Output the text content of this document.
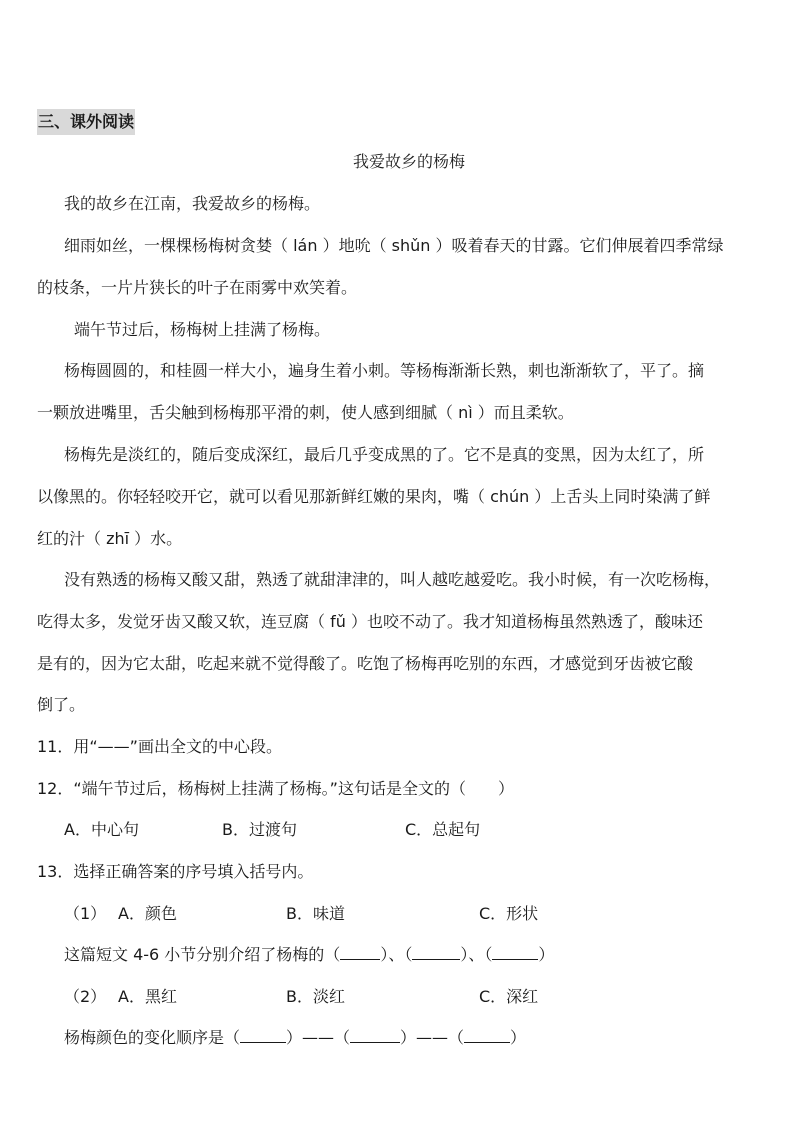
三、课外阅读
我爱故乡的杨梅
我的故乡在江南，我爱故乡的杨梅。
细雨如丝，一棵棵杨梅树贪婪（ lán ）地吮（ shǔn ）吸着春天的甘露。它们伸展着四季常绿
的枝条，一片片狭长的叶子在雨雾中欢笑着。
端午节过后，杨梅树上挂满了杨梅。
杨梅圆圆的，和桂圆一样大小，遍身生着小刺。等杨梅渐渐长熟，刺也渐渐软了，平了。摘
一颗放进嘴里，舌尖触到杨梅那平滑的刺，使人感到细腻（ nì ）而且柔软。
杨梅先是淡红的，随后变成深红，最后几乎变成黑的了。它不是真的变黑，因为太红了，所
以像黑的。你轻轻咬开它，就可以看见那新鲜红嫩的果肉，嘴（ chún ）上舌头上同时染满了鲜
红的汁（ zhī ）水。
没有熟透的杨梅又酸又甜，熟透了就甜津津的，叫人越吃越爱吃。我小时候，有一次吃杨梅，
吃得太多，发觉牙齿又酸又软，连豆腐（ fǔ ）也咬不动了。我才知道杨梅虽然熟透了，酸味还
是有的，因为它太甜，吃起来就不觉得酸了。吃饱了杨梅再吃别的东西，才感觉到牙齿被它酸
倒了。
11．用“——”画出全文的中心段。
12．“端午节过后，杨梅树上挂满了杨梅。”这句话是全文的（　　）
A．中心句	B．过渡句	C．总起句
13．选择正确答案的序号填入括号内。
（1） A．颜色	B．味道	C．形状
这篇短文 4-6 小节分别介绍了杨梅的（	）、（	）、（	）
（2） A．黑红	B．淡红	C．深红
杨梅颜色的变化顺序是（	）——（	）——（	）
